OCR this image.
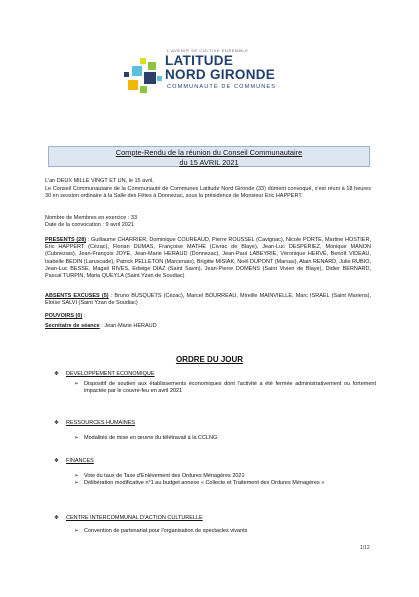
L'AVENIR SE CULTIVE ENSEMBLE
LATITUDE
NORD GIRONDE
COMMUNAUTÉ DE COMMUNES
Compte-Rendu de la réunion du Conseil Communautaire
du 15 AVRIL 2021
L'an DEUX MILLE VINGT ET UN, le 15 avril,
Le Conseil Communautaire de la Communauté de Communes Latitude Nord Gironde (33) dûment convoqué, s'est réuni à 18 heures 30 en session ordinaire à la Salle des Fêtes à Donnezac, sous la présidence de Monsieur Eric HAPPERT.
Nombre de Membres en exercice : 33
Date de la convocation : 9 avril 2021
PRESENTS (28) : Guillaume CHARRIER, Dominique COUREAUD, Pierre ROUSSEL (Cavignac), Nicole PORTE, Martine HOSTIER, Eric HAPPERT (Cézac), Florian DUMAS, Françoise MATHE (Civrac de Blaye), Jean-Luc DESPERIEZ, Monique MANON (Cubnezais), Jean-François JOYE, Jean-Marie HERAUD (Donnezac), Jean-Paul LABEYRIE, Véronique HERVÉ, Benoît VIDEAU, Isabelle BEDIN (Laruscade), Patrick PELLETON (Marcenais), Brigitte MISIAK, Noël DUPONT (Marsas), Alain RENARD, Julie RUBIO, Jean-Luc BESSE, Magali RIVES, Edwige DIAZ (Saint Savin), Jean-Pierre DOMENS (Saint Vivien de Blaye), Didier BERNARD, Pascal TURPIN, Maria QUEYLA (Saint Yzan de Soudiac)
ABSENTS EXCUSES (5) : Bruno BUSQUETS (Cézac), Marcel BOURREAU, Mireille MAINVIELLE, Marc ISRAEL (Saint Mariens), Eloïse SALVI (Saint Yzan de Soudiac)
POUVOIRS (0) :
Secrétaire de séance : Jean-Marie HERAUD
ORDRE DU JOUR
❖ DEVELOPPEMENT ECONOMIQUE
➢ Dispositif de soutien aux établissements économiques dont l'activité a été fermée administrativement ou fortement impactée par le couvre-feu en avril 2021
❖ RESSOURCES HUMAINES
➢ Modalités de mise en œuvre du télétravail à la CCLNG
❖ FINANCES
➢ Vote du taux de Taxe d'Enlèvement des Ordures Ménagères 2021
➢ Délibération modificative n°1 au budget annexe « Collecte et Traitement des Ordures Ménagères »
❖ CENTRE INTERCOMMUNAL D'ACTION CULTURELLE
➢ Convention de partenariat pour l'organisation de spectacles vivants
1/12
